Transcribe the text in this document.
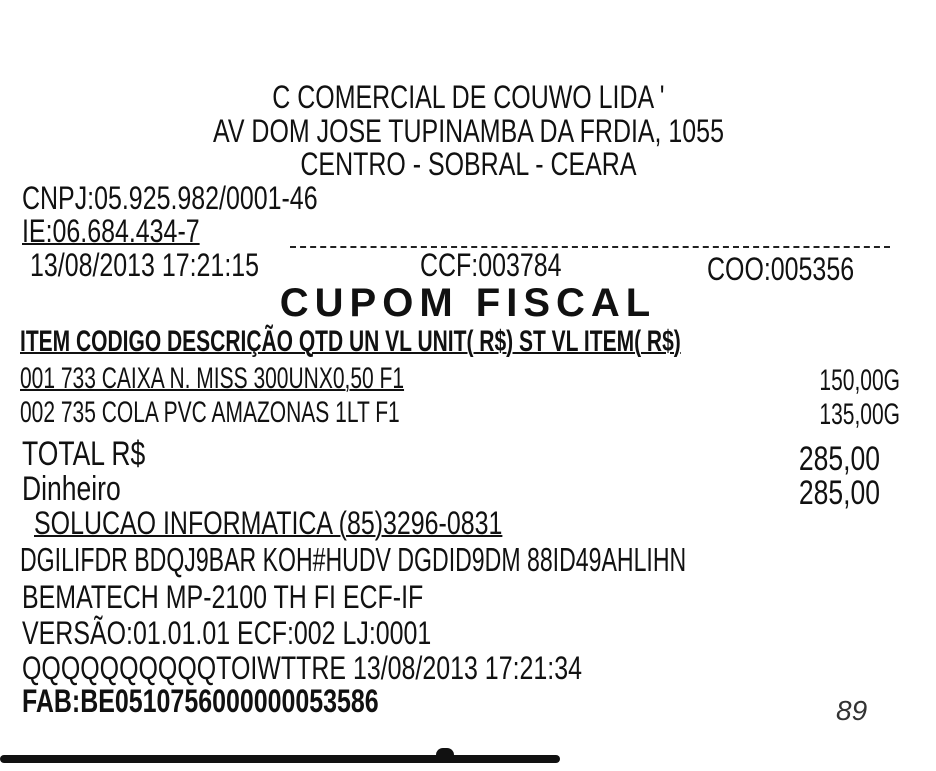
C COMERCIAL DE COUWO LIDA '
AV DOM JOSE TUPINAMBA DA FRDIA, 1055
CENTRO - SOBRAL - CEARA
CNPJ:05.925.982/0001-46
IE:06.684.434-7
13/08/2013 17:21:15	CCF:003784	COO:005356
CUPOM FISCAL
ITEM CODIGO DESCRIÇÃO QTD UN VL UNIT( R$) ST VL ITEM( R$)
001 733 CAIXA N. MISS 300UNX0,50 F1	150,00G
002 735 COLA PVC AMAZONAS 1LT F1	135,00G
TOTAL R$	285,00
Dinheiro	285,00
SOLUCAO INFORMATICA (85)3296-0831
DGILIFDR BDQJ9BAR KOH#HUDV DGDID9DM 88ID49AHLIHN
BEMATECH MP-2100 TH FI ECF-IF
VERSÃO:01.01.01 ECF:002 LJ:0001
QQQQQQQQQQTOIWTTRE 13/08/2013 17:21:34
FAB:BE0510756000000053586	89
